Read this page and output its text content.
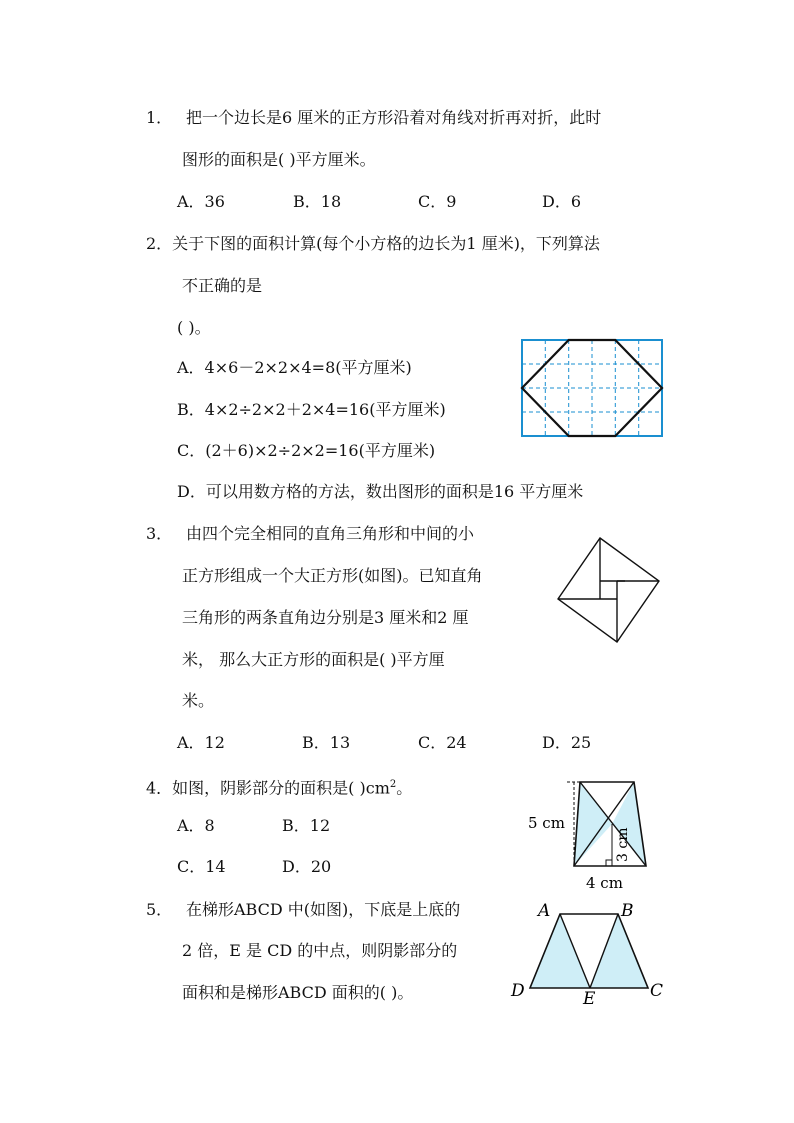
1． 把一个边长是6 厘米的正方形沿着对角线对折再对折，此时
图形的面积是( )平方厘米。
A．36	B．18	C．9	D．6
2．关于下图的面积计算(每个小方格的边长为1 厘米)，下列算法
不正确的是
( )。
A．4×6－2×2×4=8(平方厘米)
B．4×2÷2×2＋2×4=16(平方厘米)
C．(2＋6)×2÷2×2=16(平方厘米)
D．可以用数方格的方法，数出图形的面积是16 平方厘米
3． 由四个完全相同的直角三角形和中间的小
正方形组成一个大正方形(如图)。已知直角
三角形的两条直角边分别是3 厘米和2 厘
米， 那么大正方形的面积是( )平方厘
米。
A．12	B．13	C．24	D．25
4．如图，阴影部分的面积是( )$cm^2$。
A．8	B．12
C．14	D．20
5 cm
3 cm
4 cm
5． 在梯形ABCD 中(如图)，下底是上底的
2 倍，E 是 CD 的中点，则阴影部分的
面积和是梯形ABCD 面积的( )。
A	B
D	C
E
